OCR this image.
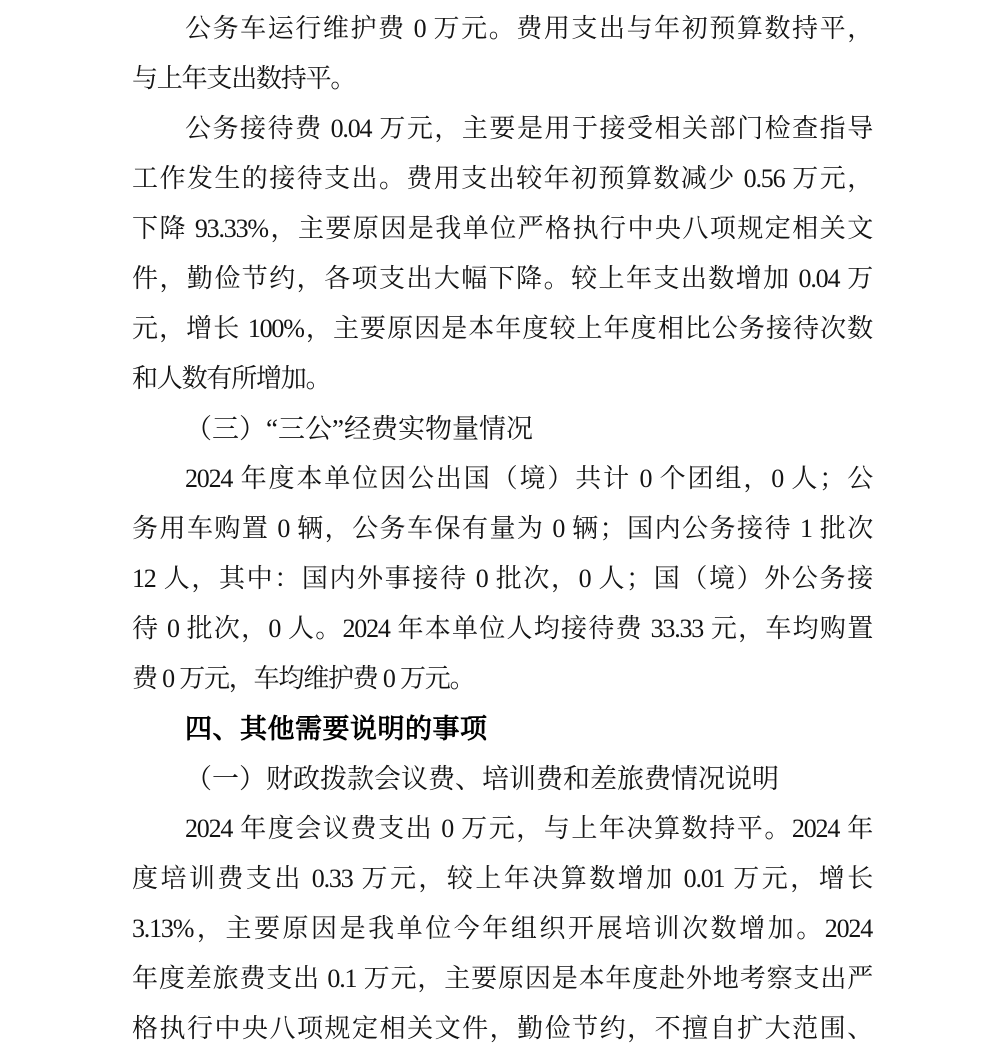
公务车运行维护费 0 万元。费用支出与年初预算数持平，
与上年支出数持平。
公务接待费 0.04 万元，主要是用于接受相关部门检查指导
工作发生的接待支出。费用支出较年初预算数减少 0.56 万元，
下降 93.33%，主要原因是我单位严格执行中央八项规定相关文
件，勤俭节约，各项支出大幅下降。较上年支出数增加 0.04 万
元，增长 100%，主要原因是本年度较上年度相比公务接待次数
和人数有所增加。
（三）“三公”经费实物量情况
2024 年度本单位因公出国（境）共计 0 个团组，0 人；公
务用车购置 0 辆，公务车保有量为 0 辆；国内公务接待 1 批次
12 人，其中：国内外事接待 0 批次，0 人；国（境）外公务接
待 0 批次，0 人。2024 年本单位人均接待费 33.33 元，车均购置
费 0 万元，车均维护费 0 万元。
四、其他需要说明的事项
（一）财政拨款会议费、培训费和差旅费情况说明
2024 年度会议费支出 0 万元，与上年决算数持平。2024 年
度培训费支出 0.33 万元，较上年决算数增加 0.01 万元，增长
3.13%，主要原因是我单位今年组织开展培训次数增加。2024
年度差旅费支出 0.1 万元，主要原因是本年度赴外地考察支出严
格执行中央八项规定相关文件，勤俭节约，不擅自扩大范围、
